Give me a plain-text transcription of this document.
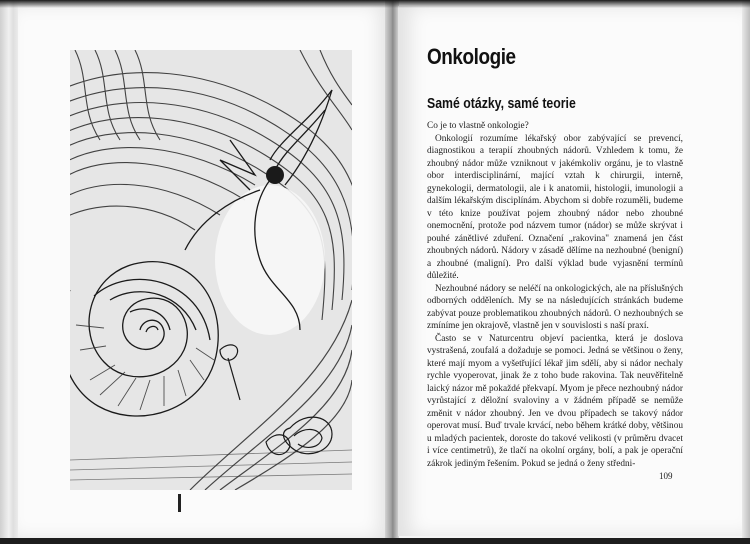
Onkologie
Samé otázky, samé teorie

Co je to vlastně onkologie?

Onkologií rozumíme lékařský obor zabývající se prevencí, diagnostikou a terapií zhoubných nádorů. Vzhledem k tomu, že zhoubný nádor může vzniknout v jakémkoliv orgánu, je to vlastně obor interdisciplinární, mající vztah k chirurgii, interně, gynekologii, dermatologii, ale i k anatomii, histologii, imunologii a dalším lékařským disciplínám. Abychom si dobře rozuměli, budeme v této knize používat pojem zhoubný nádor nebo zhoubné onemocnění, protože pod názvem tumor (nádor) se může skrývat i pouhé zánětlivé zduření. Označení „rakovina" znamená jen část zhoubných nádorů. Nádory v zásadě dělíme na nezhoubné (benigní) a zhoubné (maligní). Pro další výklad bude vyjasnění termínů důležité.

Nezhoubné nádory se neléčí na onkologických, ale na příslušných odborných odděleních. My se na následujících stránkách budeme zabývat pouze problematikou zhoubných nádorů. O nezhoubných se zmíníme jen okrajově, vlastně jen v souvislosti s naší praxí.

Často se v Naturcentru objeví pacientka, která je doslova vystrašená, zoufalá a dožaduje se pomoci. Jedná se většinou o ženy, které mají myom a vyšetřující lékař jim sdělí, aby si nádor nechaly rychle vyoperovat, jinak že z toho bude rakovina. Tak neuvěřitelně laický názor mě pokaždé překvapí. Myom je přece nezhoubný nádor vyrůstající z děložní svaloviny a v žádném případě se nemůže změnit v nádor zhoubný. Jen ve dvou případech se takový nádor operovat musí. Buď trvale krvácí, nebo během krátké doby, většinou u mladých pacientek, doroste do takové velikosti (v průměru dvacet i více centimetrů), že tlačí na okolní orgány, bolí, a pak je operační zákrok jediným řešením. Pokud se jedná o ženy středni-

109
